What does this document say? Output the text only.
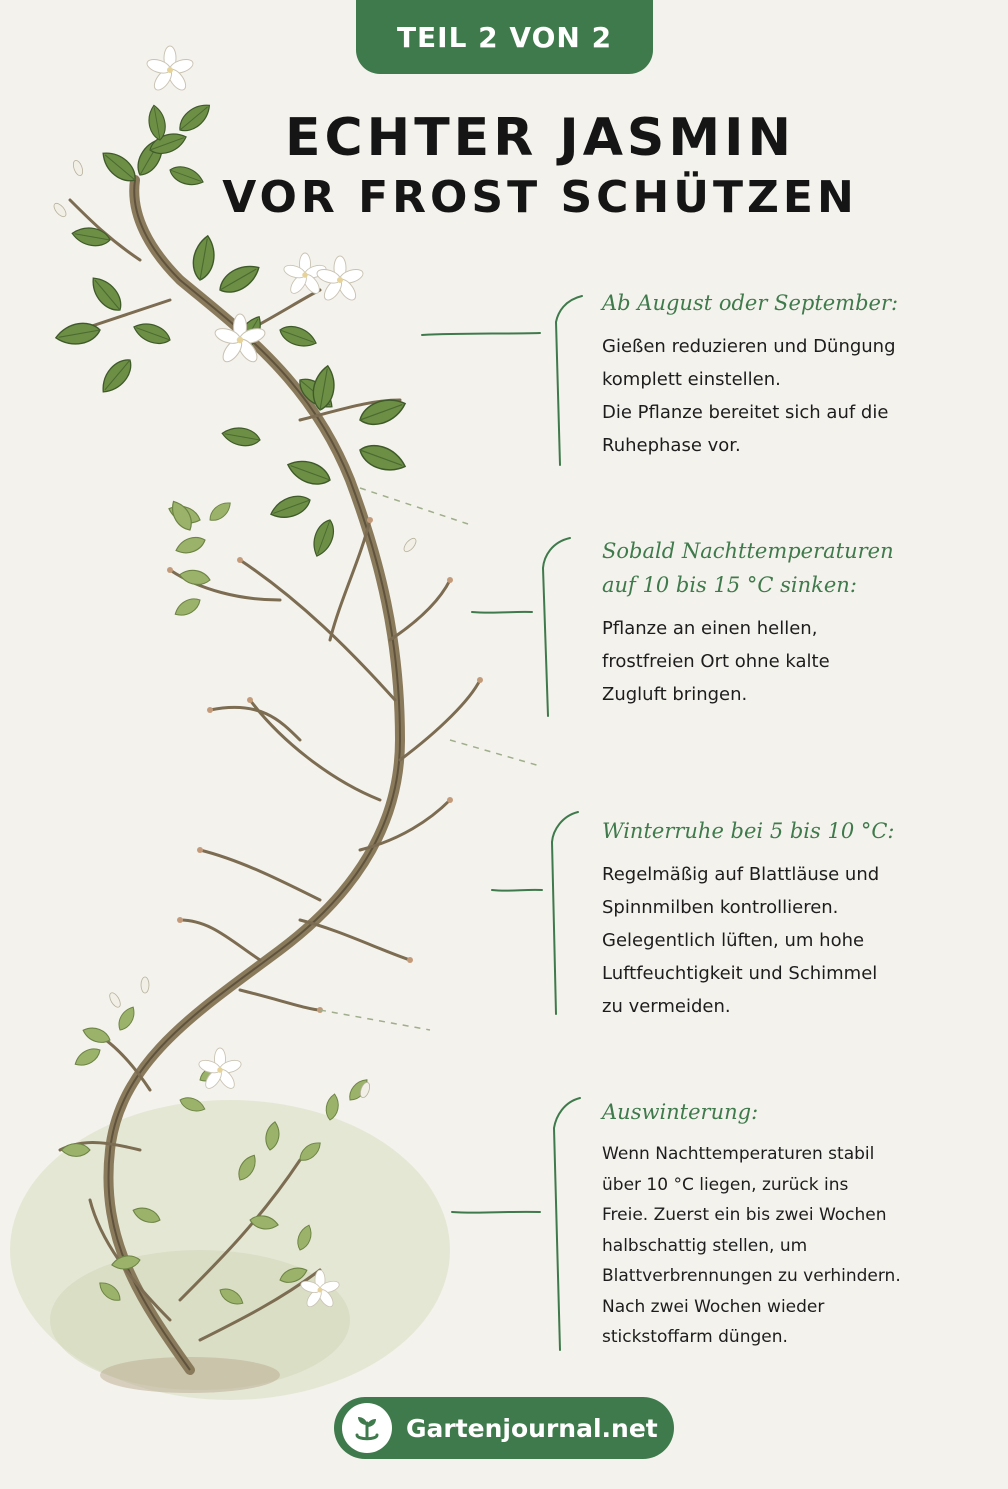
TEIL 2 VON 2
ECHTER JASMIN
VOR FROST SCHÜTZEN
Ab August oder September:
Gießen reduzieren und Düngung
komplett einstellen.
Die Pflanze bereitet sich auf die
Ruhephase vor.
Sobald Nachttemperaturen
auf 10 bis 15 °C sinken:
Pflanze an einen hellen,
frostfreien Ort ohne kalte
Zugluft bringen.
Winterruhe bei 5 bis 10 °C:
Regelmäßig auf Blattläuse und
Spinnmilben kontrollieren.
Gelegentlich lüften, um hohe
Luftfeuchtigkeit und Schimmel
zu vermeiden.
Auswinterung:
Wenn Nachttemperaturen stabil
über 10 °C liegen, zurück ins
Freie. Zuerst ein bis zwei Wochen
halbschattig stellen, um
Blattverbrennungen zu verhindern.
Nach zwei Wochen wieder
stickstoffarm düngen.
Gartenjournal.net
